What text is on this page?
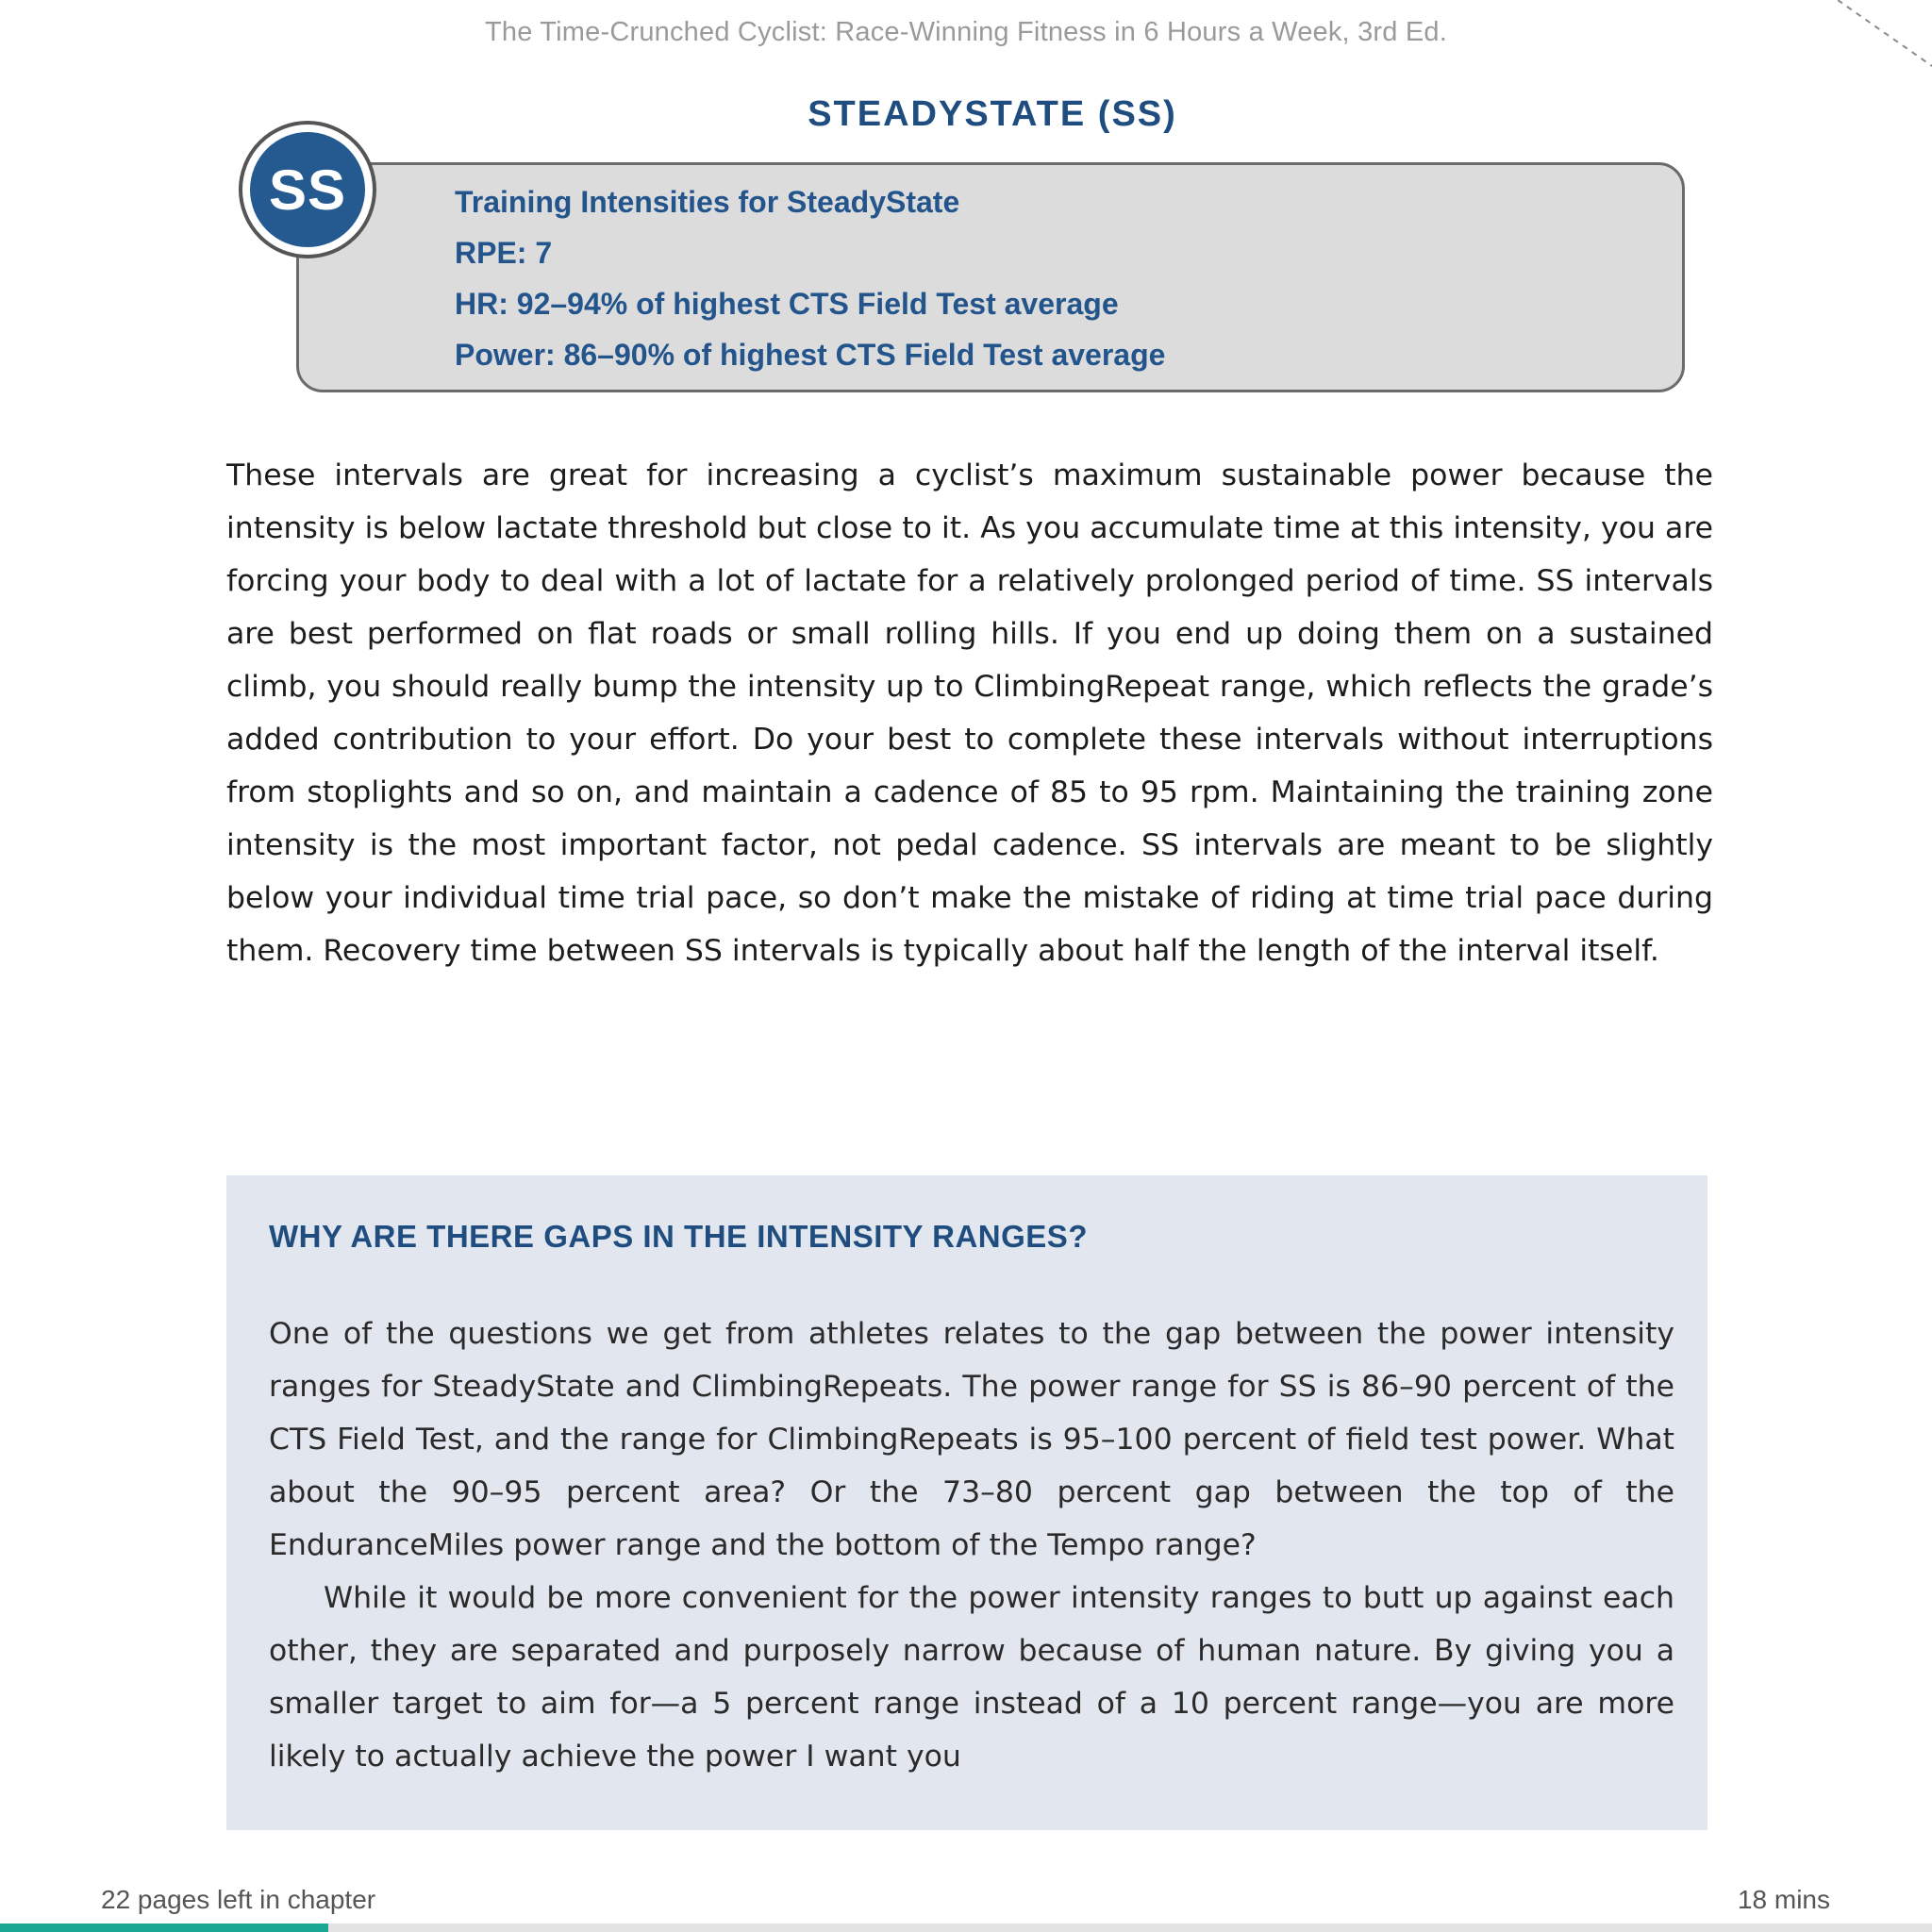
The Time-Crunched Cyclist: Race-Winning Fitness in 6 Hours a Week, 3rd Ed.
STEADYSTATE (SS)
SS	Training Intensities for SteadyState
RPE: 7
HR: 92–94% of highest CTS Field Test average
Power: 86–90% of highest CTS Field Test average
These intervals are great for increasing a cyclist’s maximum sustainable power because the intensity is below lactate threshold but close to it. As you accumulate time at this intensity, you are forcing your body to deal with a lot of lactate for a relatively prolonged period of time. SS intervals are best performed on flat roads or small rolling hills. If you end up doing them on a sustained climb, you should really bump the intensity up to ClimbingRepeat range, which reflects the grade’s added contribution to your effort. Do your best to complete these intervals without interruptions from stoplights and so on, and maintain a cadence of 85 to 95 rpm. Maintaining the training zone intensity is the most important factor, not pedal cadence. SS intervals are meant to be slightly below your individual time trial pace, so don’t make the mistake of riding at time trial pace during them. Recovery time between SS intervals is typically about half the length of the interval itself.
WHY ARE THERE GAPS IN THE INTENSITY RANGES?

One of the questions we get from athletes relates to the gap between the power intensity ranges for SteadyState and ClimbingRepeats. The power range for SS is 86–90 percent of the CTS Field Test, and the range for ClimbingRepeats is 95–100 percent of field test power. What about the 90–95 percent area? Or the 73–80 percent gap between the top of the EnduranceMiles power range and the bottom of the Tempo range?

While it would be more convenient for the power intensity ranges to butt up against each other, they are separated and purposely narrow because of human nature. By giving you a smaller target to aim for—a 5 percent range instead of a 10 percent range—you are more likely to actually achieve the power I want you

22 pages left in chapter	18 mins
